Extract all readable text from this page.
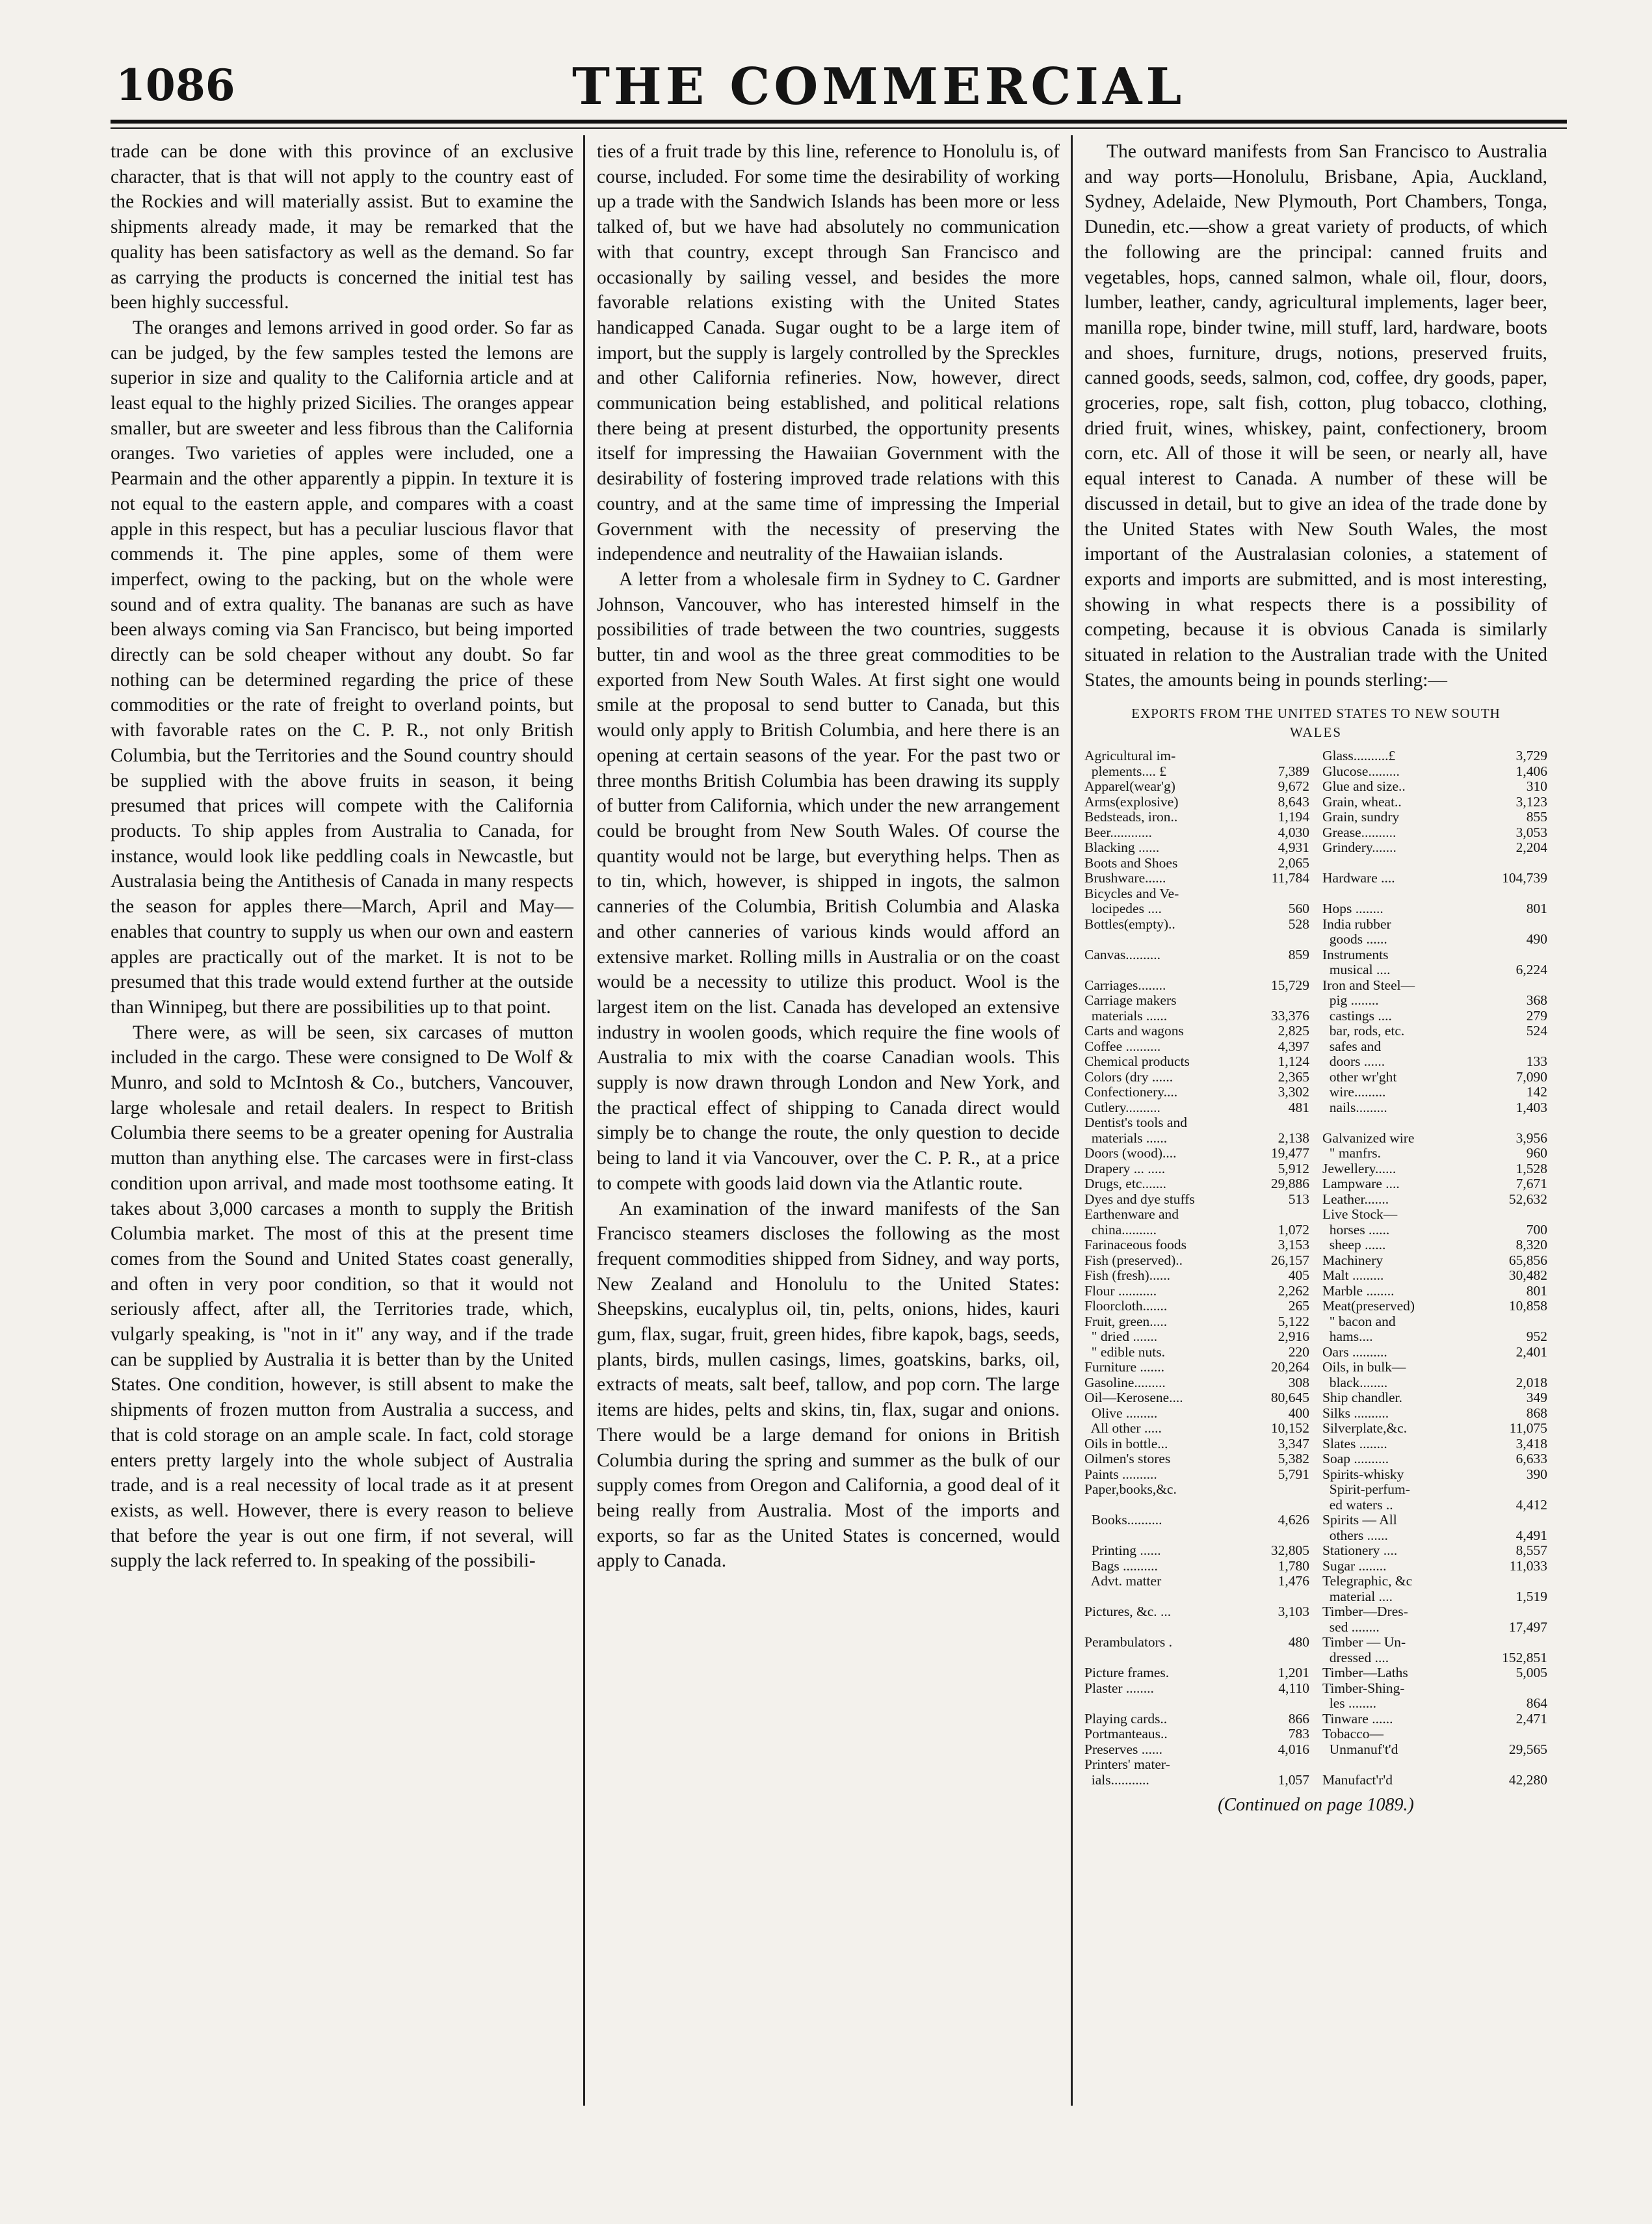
1086	THE COMMERCIAL

trade can be done with this province of an exclusive character, that is that will not apply to the country east of the Rockies and will materially assist. But to examine the shipments already made, it may be remarked that the quality has been satisfactory as well as the demand. So far as carrying the products is concerned the initial test has been highly successful.

The oranges and lemons arrived in good order. So far as can be judged, by the few samples tested the lemons are superior in size and quality to the California article and at least equal to the highly prized Sicilies. The oranges appear smaller, but are sweeter and less fibrous than the California oranges. Two varieties of apples were included, one a Pearmain and the other apparently a pippin. In texture it is not equal to the eastern apple, and compares with a coast apple in this respect, but has a peculiar luscious flavor that commends it. The pine apples, some of them were imperfect, owing to the packing, but on the whole were sound and of extra quality. The bananas are such as have been always coming via San Francisco, but being imported directly can be sold cheaper without any doubt. So far nothing can be determined regarding the price of these commodities or the rate of freight to overland points, but with favorable rates on the C. P. R., not only British Columbia, but the Territories and the Sound country should be supplied with the above fruits in season, it being presumed that prices will compete with the California products. To ship apples from Australia to Canada, for instance, would look like peddling coals in Newcastle, but Australasia being the Antithesis of Canada in many respects the season for apples there—March, April and May—enables that country to supply us when our own and eastern apples are practically out of the market. It is not to be presumed that this trade would extend further at the outside than Winnipeg, but there are possibilities up to that point.

There were, as will be seen, six carcases of mutton included in the cargo. These were consigned to De Wolf & Munro, and sold to McIntosh & Co., butchers, Vancouver, large wholesale and retail dealers. In respect to British Columbia there seems to be a greater opening for Australia mutton than anything else. The carcases were in first-class condition upon arrival, and made most toothsome eating. It takes about 3,000 carcases a month to supply the British Columbia market. The most of this at the present time comes from the Sound and United States coast generally, and often in very poor condition, so that it would not seriously affect, after all, the Territories trade, which, vulgarly speaking, is "not in it" any way, and if the trade can be supplied by Australia it is better than by the United States. One condition, however, is still absent to make the shipments of frozen mutton from Australia a success, and that is cold storage on an ample scale. In fact, cold storage enters pretty largely into the whole subject of Australia trade, and is a real necessity of local trade as it at present exists, as well. However, there is every reason to believe that before the year is out one firm, if not several, will supply the lack referred to. In speaking of the possibili-

ties of a fruit trade by this line, reference to Honolulu is, of course, included. For some time the desirability of working up a trade with the Sandwich Islands has been more or less talked of, but we have had absolutely no communication with that country, except through San Francisco and occasionally by sailing vessel, and besides the more favorable relations existing with the United States handicapped Canada. Sugar ought to be a large item of import, but the supply is largely controlled by the Spreckles and other California refineries. Now, however, direct communication being established, and political relations there being at present disturbed, the opportunity presents itself for impressing the Hawaiian Government with the desirability of fostering improved trade relations with this country, and at the same time of impressing the Imperial Government with the necessity of preserving the independence and neutrality of the Hawaiian islands.

A letter from a wholesale firm in Sydney to C. Gardner Johnson, Vancouver, who has interested himself in the possibilities of trade between the two countries, suggests butter, tin and wool as the three great commodities to be exported from New South Wales. At first sight one would smile at the proposal to send butter to Canada, but this would only apply to British Columbia, and here there is an opening at certain seasons of the year. For the past two or three months British Columbia has been drawing its supply of butter from California, which under the new arrangement could be brought from New South Wales. Of course the quantity would not be large, but everything helps. Then as to tin, which, however, is shipped in ingots, the salmon canneries of the Columbia, British Columbia and Alaska and other canneries of various kinds would afford an extensive market. Rolling mills in Australia or on the coast would be a necessity to utilize this product. Wool is the largest item on the list. Canada has developed an extensive industry in woolen goods, which require the fine wools of Australia to mix with the coarse Canadian wools. This supply is now drawn through London and New York, and the practical effect of shipping to Canada direct would simply be to change the route, the only question to decide being to land it via Vancouver, over the C. P. R., at a price to compete with goods laid down via the Atlantic route.

An examination of the inward manifests of the San Francisco steamers discloses the following as the most frequent commodities shipped from Sidney, and way ports, New Zealand and Honolulu to the United States: Sheepskins, eucalyplus oil, tin, pelts, onions, hides, kauri gum, flax, sugar, fruit, green hides, fibre kapok, bags, seeds, plants, birds, mullen casings, limes, goatskins, barks, oil, extracts of meats, salt beef, tallow, and pop corn. The large items are hides, pelts and skins, tin, flax, sugar and onions. There would be a large demand for onions in British Columbia during the spring and summer as the bulk of our supply comes from Oregon and California, a good deal of it being really from Australia. Most of the imports and exports, so far as the United States is concerned, would apply to Canada.

The outward manifests from San Francisco to Australia and way ports—Honolulu, Brisbane, Apia, Auckland, Sydney, Adelaide, New Plymouth, Port Chambers, Tonga, Dunedin, etc.—show a great variety of products, of which the following are the principal: canned fruits and vegetables, hops, canned salmon, whale oil, flour, doors, lumber, leather, candy, agricultural implements, lager beer, manilla rope, binder twine, mill stuff, lard, hardware, boots and shoes, furniture, drugs, notions, preserved fruits, canned goods, seeds, salmon, cod, coffee, dry goods, paper, groceries, rope, salt fish, cotton, plug tobacco, clothing, dried fruit, wines, whiskey, paint, confectionery, broom corn, etc. All of those it will be seen, or nearly all, have equal interest to Canada. A number of these will be discussed in detail, but to give an idea of the trade done by the United States with New South Wales, the most important of the Australasian colonies, a statement of exports and imports are submitted, and is most interesting, showing in what respects there is a possibility of competing, because it is obvious Canada is similarly situated in relation to the Australian trade with the United States, the amounts being in pounds sterling:—

EXPORTS FROM THE UNITED STATES TO NEW SOUTH
WALES
Agricultural im-
plements.... £	7,389
Apparel(wear'g)	9,672
Arms(explosive)	8,643
Bedsteads, iron..	1,194
Beer............	4,030
Blacking ......	4,931
Boots and Shoes	2,065
Brushware......	11,784
Bicycles and Ve-
locipedes ....	560
Bottles(empty)..	528

Canvas..........	859

Carriages........	15,729
Carriage makers
materials ......	33,376
Carts and wagons	2,825
Coffee ..........	4,397
Chemical products	1,124
Colors (dry ......	2,365
Confectionery....	3,302
Cutlery..........	481
Dentist's tools and
materials ......	2,138
Doors (wood)....	19,477
Drapery ... .....	5,912
Drugs, etc.......	29,886
Dyes and dye stuffs	513
Earthenware and
china..........	1,072
Farinaceous foods	3,153
Fish (preserved)..	26,157
Fish (fresh)......	405
Flour ...........	2,262
Floorcloth.......	265
Fruit, green.....	5,122
" dried .......	2,916
" edible nuts.	220
Furniture .......	20,264
Gasoline.........	308
Oil—Kerosene....	80,645
Olive .........	400
All other .....	10,152
Oils in bottle...	3,347
Oilmen's stores	5,382
Paints ..........	5,791
Paper,books,&c.

Books..........	4,626

Printing ......	32,805
Bags ..........	1,780
Advt. matter	1,476

Pictures, &c. ...	3,103

Perambulators .	480

Picture frames.	1,201
Plaster ........	4,110

Playing cards..	866
Portmanteaus..	783
Preserves ......	4,016
Printers' mater-
ials...........	1,057
Glass..........£	3,729
Glucose.........	1,406
Glue and size..	310
Grain, wheat..	3,123
Grain, sundry	855
Grease..........	3,053
Grindery.......	2,204

Hardware ....	104,739

Hops ........	801
India rubber
goods ......	490
Instruments
musical ....	6,224
Iron and Steel—
pig ........	368
castings ....	279
bar, rods, etc.	524
safes and
doors ......	133
other wr'ght	7,090
wire.........	142
nails.........	1,403

Galvanized wire	3,956
" manfrs.	960
Jewellery......	1,528
Lampware ....	7,671
Leather.......	52,632
Live Stock—
horses ......	700
sheep ......	8,320
Machinery	65,856
Malt .........	30,482
Marble ........	801
Meat(preserved)	10,858
" bacon and
hams....	952
Oars ..........	2,401
Oils, in bulk—
black........	2,018
Ship chandler.	349
Silks ..........	868
Silverplate,&c.	11,075
Slates ........	3,418
Soap ..........	6,633
Spirits-whisky	390
Spirit-perfum-
ed waters ..	4,412
Spirits — All
others ......	4,491
Stationery ....	8,557
Sugar ........	11,033
Telegraphic, &c
material ....	1,519
Timber—Dres-
sed ........	17,497
Timber — Un-
dressed ....	152,851
Timber—Laths	5,005
Timber-Shing-
les ........	864
Tinware ......	2,471
Tobacco—
Unmanuf't'd	29,565

Manufact'r'd	42,280
(Continued on page 1089.)
